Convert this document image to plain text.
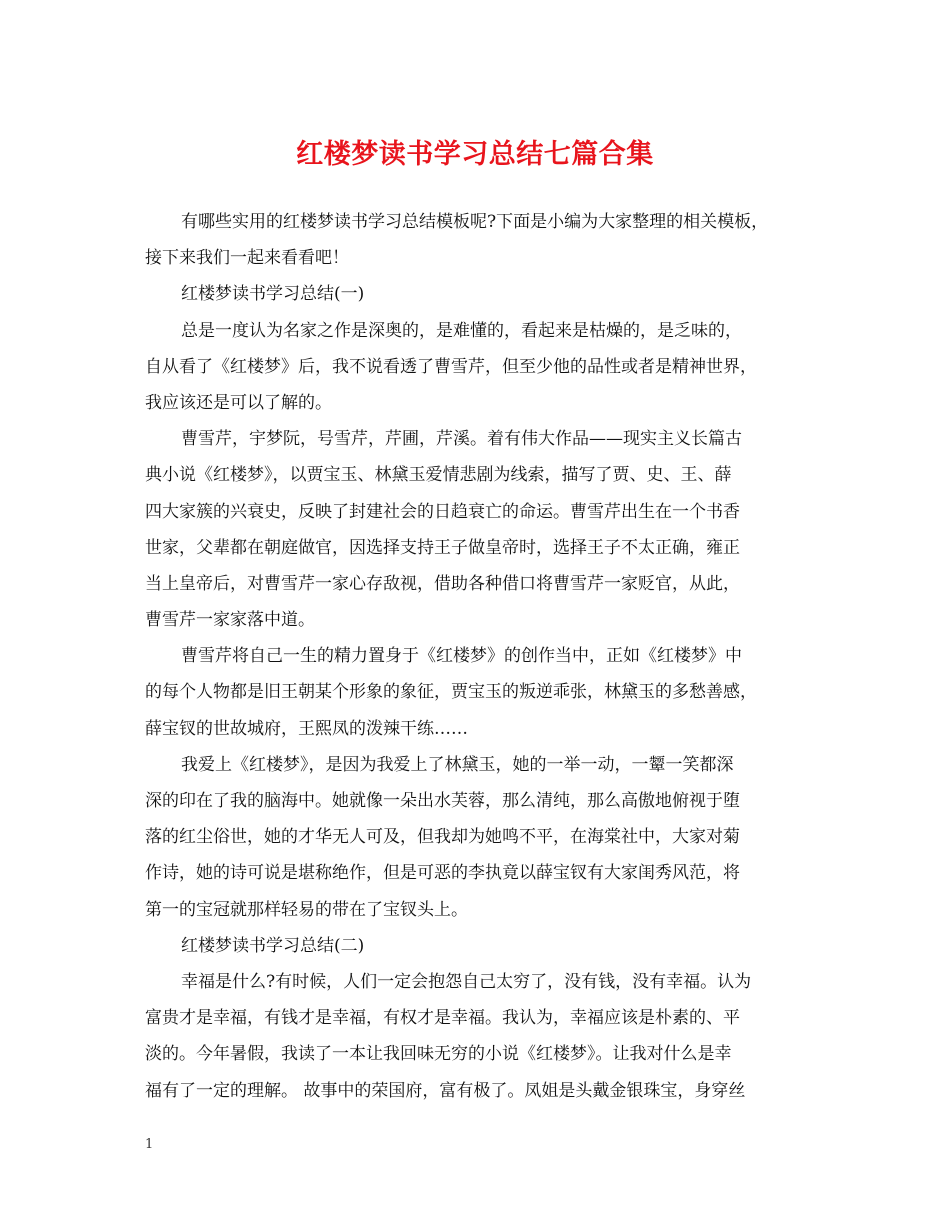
红楼梦读书学习总结七篇合集
有哪些实用的红楼梦读书学习总结模板呢?下面是小编为大家整理的相关模板，
接下来我们一起来看看吧！
红楼梦读书学习总结(一)
总是一度认为名家之作是深奥的，是难懂的，看起来是枯燥的，是乏味的，
自从看了《红楼梦》后，我不说看透了曹雪芹，但至少他的品性或者是精神世界，
我应该还是可以了解的。
曹雪芹，宇梦阮，号雪芹，芹圃，芹溪。着有伟大作品——现实主义长篇古
典小说《红楼梦》，以贾宝玉、林黛玉爱情悲剧为线索，描写了贾、史、王、薛
四大家簇的兴衰史，反映了封建社会的日趋衰亡的命运。曹雪芹出生在一个书香
世家，父辈都在朝庭做官，因选择支持王子做皇帝时，选择王子不太正确，雍正
当上皇帝后，对曹雪芹一家心存敌视，借助各种借口将曹雪芹一家贬官，从此，
曹雪芹一家家落中道。
曹雪芹将自己一生的精力置身于《红楼梦》的创作当中，正如《红楼梦》中
的每个人物都是旧王朝某个形象的象征，贾宝玉的叛逆乖张，林黛玉的多愁善感，
薛宝钗的世故城府，王熙凤的泼辣干练……
我爱上《红楼梦》，是因为我爱上了林黛玉，她的一举一动，一颦一笑都深
深的印在了我的脑海中。她就像一朵出水芙蓉，那么清纯，那么高傲地俯视于堕
落的红尘俗世，她的才华无人可及，但我却为她鸣不平，在海棠社中，大家对菊
作诗，她的诗可说是堪称绝作，但是可恶的李执竟以薛宝钗有大家闺秀风范，将
第一的宝冠就那样轻易的带在了宝钗头上。
红楼梦读书学习总结(二)
幸福是什么?有时候，人们一定会抱怨自己太穷了，没有钱，没有幸福。认为
富贵才是幸福，有钱才是幸福，有权才是幸福。我认为，幸福应该是朴素的、平
淡的。今年暑假，我读了一本让我回味无穷的小说《红楼梦》。让我对什么是幸
福有了一定的理解。 故事中的荣国府，富有极了。凤姐是头戴金银珠宝，身穿丝
1
